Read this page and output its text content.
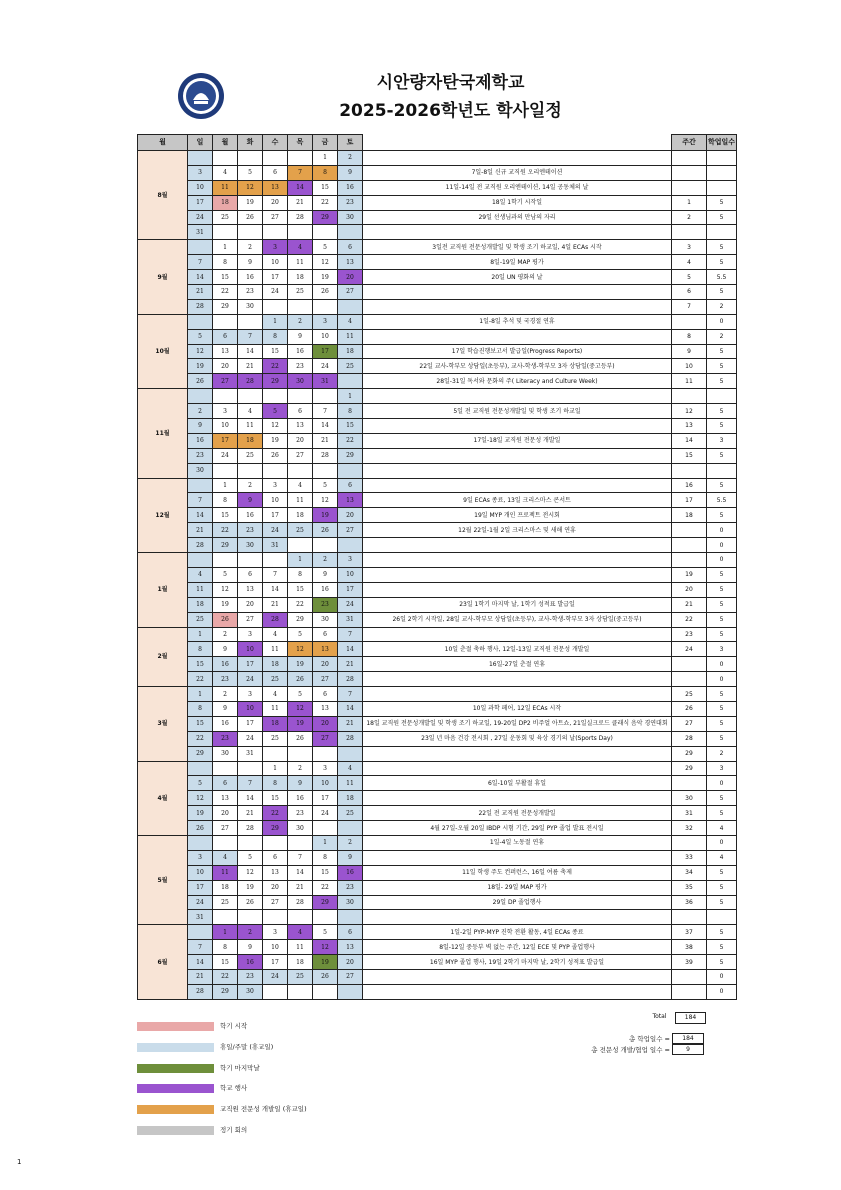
시안량자탄국제학교
2025-2026학년도 학사일정
월	일	월	화	수	목	금	토		주간	학업일수
8월						1	2			
	3	4	5	6	7	8	9	7일-8일 신규 교직원 오리엔테이션		
	10	11	12	13	14	15	16	11일-14일 전 교직원 오리엔테이션, 14일 공동체의 날		
	17	18	19	20	21	22	23	18일 1학기 시작일	1	5
	24	25	26	27	28	29	30	29일 선생님과의 만남의 자리	2	5
	31									
9월		1	2	3	4	5	6	3일전 교직원 전문성개발일 및 학생 조기 하교일, 4일 ECAs 시작	3	5
	7	8	9	10	11	12	13	8일-19일 MAP 평가	4	5
	14	15	16	17	18	19	20	20일 UN 평화의 날	5	5.5
	21	22	23	24	25	26	27		6	5
	28	29	30						7	2
10월				1	2	3	4	1일-8일 추석 및 국경절 연휴		0
	5	6	7	8	9	10	11		8	2
	12	13	14	15	16	17	18	17일 학습진행보고서 발급일(Progress Reports)	9	5
	19	20	21	22	23	24	25	22일 교사-학부모 상담일(초등부), 교사-학생-학부모 3자 상담일(중고등부)	10	5
	26	27	28	29	30	31		28일-31일 독서와 문화의 주( Literacy and Culture Week)	11	5
11월							1			
	2	3	4	5	6	7	8	5일 전 교직원 전문성개발일 및 학생 조기 하교일	12	5
	9	10	11	12	13	14	15		13	5
	16	17	18	19	20	21	22	17일-18일 교직원 전문성 개발일	14	3
	23	24	25	26	27	28	29		15	5
	30									
12월		1	2	3	4	5	6		16	5
	7	8	9	10	11	12	13	9일 ECAs 종료, 13일 크리스마스 콘서트	17	5.5
	14	15	16	17	18	19	20	19일 MYP 개인 프로젝트 전시회	18	5
	21	22	23	24	25	26	27	12월 22일-1월 2일 크리스마스 및 새해 연휴		0
	28	29	30	31						0
1월					1	2	3			0
	4	5	6	7	8	9	10		19	5
	11	12	13	14	15	16	17		20	5
	18	19	20	21	22	23	24	23일 1학기 마지막 날, 1학기 성적표 발급일	21	5
	25	26	27	28	29	30	31	26일 2학기 시작일, 28일 교사-학부모 상담일(초등부), 교사-학생-학부모 3자 상담일(중고등부)	22	5
2월	1	2	3	4	5	6	7		23	5
	8	9	10	11	12	13	14	10일 춘절 축하 행사, 12일-13일 교직원 전문성 개발일	24	3
	15	16	17	18	19	20	21	16일-27일 춘절 연휴		0
	22	23	24	25	26	27	28			0
3월	1	2	3	4	5	6	7		25	5
	8	9	10	11	12	13	14	10일 과학 페어, 12일 ECAs 시작	26	5
	15	16	17	18	19	20	21	18일 교직원 전문성개발일 및 학생 조기 하교일, 19-20일 DP2 비주얼 아트쇼, 21일실크로드 클래식 음악 경연대회	27	5
	22	23	24	25	26	27	28	23일 년 마음 건강 전시회 , 27일 운동회 및 육상 경기의 날(Sports Day)	28	5
	29	30	31						29	2
4월				1	2	3	4		29	3
	5	6	7	8	9	10	11	6일-10일 부활절 휴일		0
	12	13	14	15	16	17	18		30	5
	19	20	21	22	23	24	25	22일 전 교직원 전문성개발일	31	5
	26	27	28	29	30			4월 27일-오월 20일 IBDP 시험 기간, 29일 PYP 졸업 발표 전시일	32	4
5월						1	2	1일-4일 노동절 연휴		0
	3	4	5	6	7	8	9		33	4
	10	11	12	13	14	15	16	11일 학생 주도 컨퍼런스, 16일 여름 축제	34	5
	17	18	19	20	21	22	23	18일- 29일 MAP 평가	35	5
	24	25	26	27	28	29	30	29일 DP 졸업행사	36	5
	31									
6월		1	2	3	4	5	6	1일-2일 PYP-MYP 진학 전환 활동, 4일 ECAs 종료	37	5
	7	8	9	10	11	12	13	8일-12일 중등부 벽 없는 주간, 12일 ECE 및 PYP 졸업행사	38	5
	14	15	16	17	18	19	20	16일 MYP 졸업 행사, 19일 2학기 마지막 날, 2학기 성적표 발급일	39	5
	21	22	23	24	25	26	27			0
	28	29	30							0
Total	184
총 학업일수 =	184
총 전문성 개발/협업 일수 =	9
학기 시작
휴일/주말 (휴교일)
학기 마지막날
학교 행사
교직원 전문성 개발일 (휴교일)
정기 회의
1
